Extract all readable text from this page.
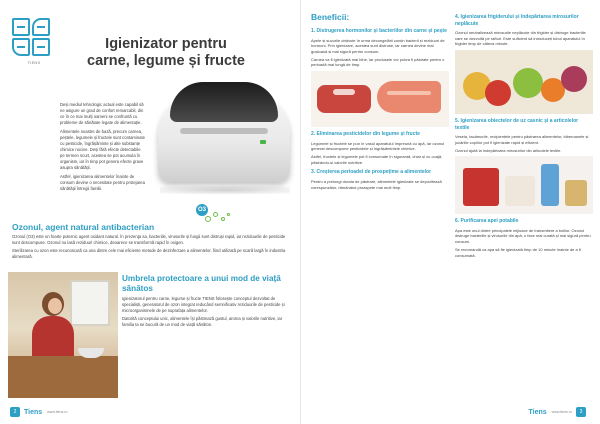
TIENS
Igienizator pentru carne, legume și fructe

Deși mediul tehnologic actual este capabil să ne asigure un grad de confort remarcabil, din ce în ce mai mulți oameni se confruntă cu probleme de sănătate legate de alimentație.

Alimentele noastre de bază, precum carnea, peștele, legumele și fructele sunt contaminate cu pesticide, îngrășăminte și alte substanțe chimice nocive. Deși fără efecte detectabile pe termen scurt, acestea se pot acumula în organism, iar în timp pot genera efecte grave asupra sănătății.

Astfel, igienizarea alimentelor înainte de consum devine o necesitate pentru protejarea sănătății întregii familii.

O3
Ozonul, agent natural antibacterian

Ozonul (O3) este un foarte puternic agent oxidant natural. În prezenţa sa, bacteriile, virusurile și fungii sunt distruși rapid, iar reziduurile de pesticide sunt descompuse. Ozonul nu lasă reziduuri chimice, deoarece se transformă rapid în oxigen.

Sterilizarea cu ozon este recunoscută ca una dintre cele mai eficiente metode de dezinfectare a alimentelor, fiind utilizată pe scară largă în industria alimentară.

Umbrela protectoare a unui mod de viață sănătos

Igienizatorul pentru carne, legume și fructe TIENS folosește conceptul dezvoltat de specialiști, generatorul de ozon integrat reducând semnificativ reziduurile de pesticide și microorganismele de pe suprafața alimentelor.

Datorită conceptului unic, alimentele își păstrează gustul, aroma și valorile nutritive, iar familia ta se bucură de un mod de viață sănătos.

2	Tiens www.tiens.ro
Beneficii:
1. Distrugerea hormonilor și bacteriilor din carne și pește
Apele și sucurile obținute în urma decongelării conțin bacterii și reziduuri de hormoni. Prin igienizare, acestea sunt distruse, iar carnea devine mai gustoasă și mai sigură pentru consum.
Carnea va fi igienizată mai bine, iar produsele vor putea fi păstrate pentru o perioadă mai lungă de timp.
2. Eliminarea pesticidelor din legume și fructe
Legumele și fructele se pun în vasul aparatului împreună cu apă, iar ozonul generat descompune pesticidele și îngrășămintele chimice.
Astfel, fructele și legumele pot fi consumate în siguranță, chiar și cu coajă, păstrându-și valorile nutritive.
3. Creșterea perioadei de prospețime a alimentelor
Pentru a prelungi durata de păstrare, alimentele igienizate se depozitează corespunzător, rămânând proaspete mai mult timp.
4. Igienizarea frigiderului și îndepărtarea mirosurilor neplăcute
Ozonul neutralizează mirosurile neplăcute din frigider și distruge bacteriile care se dezvoltă pe rafturi. Este suficient să introduceți tubul aparatului în frigider timp de câteva minute.
5. Igienizarea obiectelor de uz casnic și a articolelor textile
Vesela, tacâmurile, recipientele pentru păstrarea alimentelor, biberoanele și jucăriile copiilor pot fi igienizate rapid și eficient.
Ozonul ajută la îndepărtarea mirosurilor din articolele textile.
6. Purificarea apei potabile
Apa este unul dintre principalele mijloace de transmitere a bolilor. Ozonul distruge bacteriile și virusurile din apă, o face mai curată și mai sigură pentru consum.
Se recomandă ca apa să fie igienizată timp de 10 minute înainte de a fi consumată.
Tiens www.tiens.ro	3
